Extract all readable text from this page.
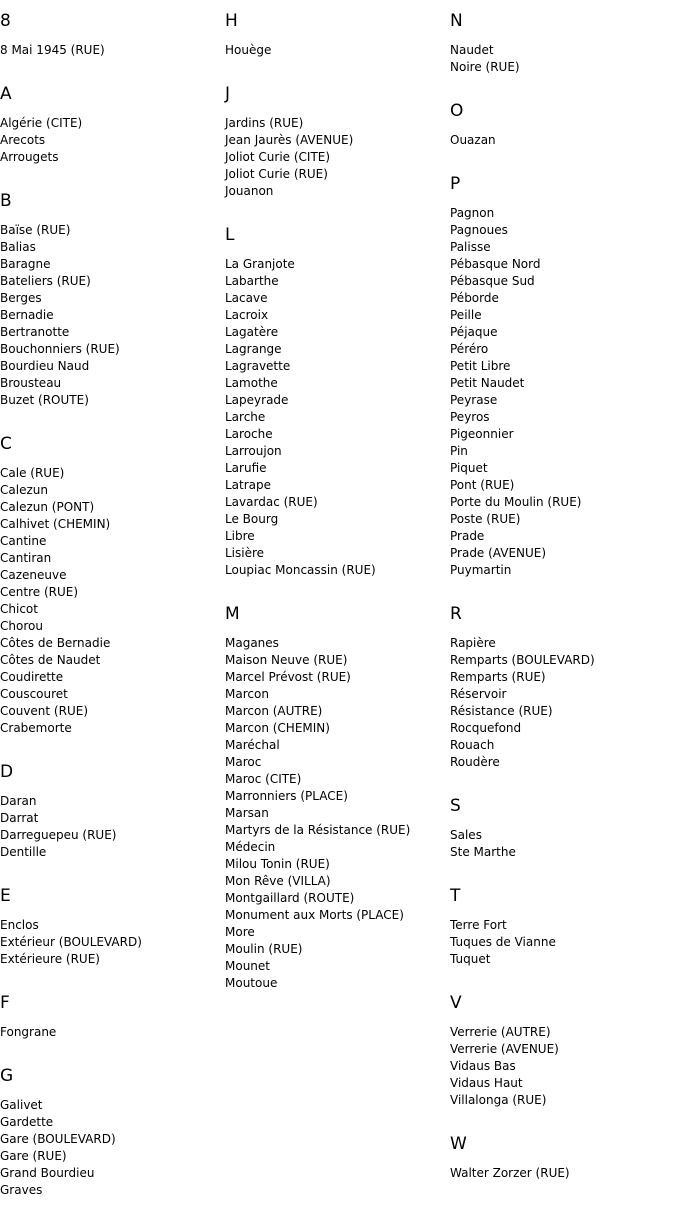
8
8 Mai 1945 (RUE)
A
Algérie (CITE)
Arecots
Arrougets
B
Baïse (RUE)
Balias
Baragne
Bateliers (RUE)
Berges
Bernadie
Bertranotte
Bouchonniers (RUE)
Bourdieu Naud
Brousteau
Buzet (ROUTE)
C
Cale (RUE)
Calezun
Calezun (PONT)
Calhivet (CHEMIN)
Cantine
Cantiran
Cazeneuve
Centre (RUE)
Chicot
Chorou
Côtes de Bernadie
Côtes de Naudet
Coudirette
Couscouret
Couvent (RUE)
Crabemorte
D
Daran
Darrat
Darreguepeu (RUE)
Dentille
E
Enclos
Extérieur (BOULEVARD)
Extérieure (RUE)
F
Fongrane
G
Galivet
Gardette
Gare (BOULEVARD)
Gare (RUE)
Grand Bourdieu
Graves
H
Houège
J
Jardins (RUE)
Jean Jaurès (AVENUE)
Joliot Curie (CITE)
Joliot Curie (RUE)
Jouanon
L
La Granjote
Labarthe
Lacave
Lacroix
Lagatère
Lagrange
Lagravette
Lamothe
Lapeyrade
Larche
Laroche
Larroujon
Larufie
Latrape
Lavardac (RUE)
Le Bourg
Libre
Lisière
Loupiac Moncassin (RUE)
M
Maganes
Maison Neuve (RUE)
Marcel Prévost (RUE)
Marcon
Marcon (AUTRE)
Marcon (CHEMIN)
Maréchal
Maroc
Maroc (CITE)
Marronniers (PLACE)
Marsan
Martyrs de la Résistance (RUE)
Médecin
Milou Tonin (RUE)
Mon Rêve (VILLA)
Montgaillard (ROUTE)
Monument aux Morts (PLACE)
More
Moulin (RUE)
Mounet
Moutoue
N
Naudet
Noire (RUE)
O
Ouazan
P
Pagnon
Pagnoues
Palisse
Pébasque Nord
Pébasque Sud
Péborde
Peille
Péjaque
Péréro
Petit Libre
Petit Naudet
Peyrase
Peyros
Pigeonnier
Pin
Piquet
Pont (RUE)
Porte du Moulin (RUE)
Poste (RUE)
Prade
Prade (AVENUE)
Puymartin
R
Rapière
Remparts (BOULEVARD)
Remparts (RUE)
Réservoir
Résistance (RUE)
Rocquefond
Rouach
Roudère
S
Sales
Ste Marthe
T
Terre Fort
Tuques de Vianne
Tuquet
V
Verrerie (AUTRE)
Verrerie (AVENUE)
Vidaus Bas
Vidaus Haut
Villalonga (RUE)
W
Walter Zorzer (RUE)
